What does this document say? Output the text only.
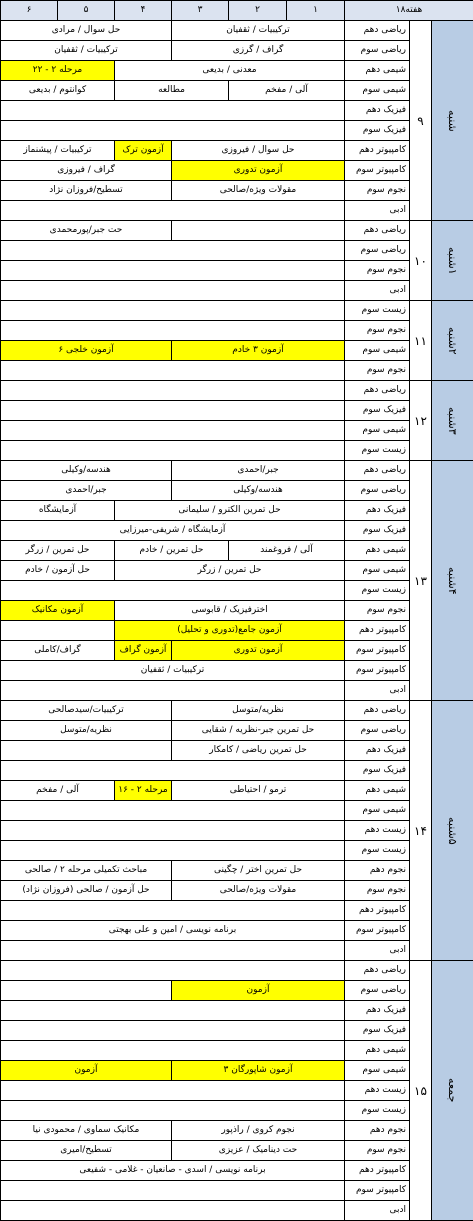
۶	۵	۴	۳	۲	۱	هفته۱۸		
حل سوال / مرادی			ترکیبیات / ثقفیان			ریاضی دهم	۹	شنبه
ترکیبیات / ثقفیان			گراف / گرزی			ریاضی سوم		
مرحله ۲ - ۲۲		معدنی / بدیعی				شیمی دهم		
کوانتوم / بدیعی		مطالعه		آلی / مفخم		شیمی سوم		
						فیزیک دهم		
						فیزیک سوم		
ترکیبیات / پیشنماز		آزمون ترک	حل سوال / فیروزی			کامپیوتر دهم		
گراف / فیروزی			آزمون تدوری			کامپیوتر سوم		
تسطیح/فروزان نژاد			مقولات ویژه/صالحی			نجوم سوم		
						ادبی		
حت جبر/پورمحمدی						ریاضی دهم	۱۰	۱شنبه
						ریاضی سوم		
						نجوم سوم		
						ادبی		
						زیست سوم	۱۱	۲شنبه
						نجوم سوم		
آزمون خلجی ۶			آزمون ۳ خادم			شیمی سوم		
						نجوم سوم		
						ریاضی دهم	۱۲	۳شنبه
						فیزیک سوم		
						شیمی سوم		
						زیست سوم		
هندسه/وکیلی			جبر/احمدی			ریاضی دهم	۱۳	۴شنبه
جبر/احمدی			هندسه/وکیلی			ریاضی سوم		
آزمایشگاه		حل تمرین الکترو / سلیمانی				فیزیک دهم		
آزمایشگاه / شریفی-میرزایی						فیزیک سوم		
حل تمرین / زرگر		حل تمرین / خادم		آلی / فروغمند		شیمی دهم		
حل آزمون / خادم		حل تمرین / زرگر				شیمی سوم		
						زیست سوم		
آزمون مکانیک		اخترفیزیک / قابوسی				نجوم سوم		
		آزمون جامع(تدوری و تحلیل)				کامپیوتر دهم		
گراف/کاملی		آزمون گراف	آزمون تدوری			کامپیوتر سوم		
ترکیبیات / ثقفیان						کامپیوتر سوم		
						ادبی		
ترکیبیات/سیدصالحی			نظریه/متوسل			ریاضی دهم	۱۴	۵شنبه
نظریه/متوسل			حل تمرین جبر-نظریه / شقایی			ریاضی سوم		
			حل تمرین ریاضی / کامکار			فیزیک دهم		
						فیزیک سوم		
آلی / مفخم		مرحله ۲ - ۱۶	ترمو / احتیاطی			شیمی دهم		
						شیمی سوم		
						زیست دهم		
						زیست سوم		
مباحث تکمیلی مرحله ۲ / صالحی			حل تمرین اختر / چگینی			نجوم دهم		
حل آزمون / صالحی (فروزان نژاد)			مقولات ویژه/صالحی			نجوم سوم		
						کامپیوتر دهم		
برنامه نویسی / امین و علی بهجتی						کامپیوتر سوم		
						ادبی		
						ریاضی دهم	۱۵	جمعه
			آزمون			ریاضی سوم		
						فیزیک دهم		
						فیزیک سوم		
						شیمی دهم		
آزمون			آزمون شاپورگان ۳			شیمی سوم		
						زیست دهم		
						زیست سوم		
مکانیک سماوی / محمودی نیا			نجوم کروی / راذپور			نجوم دهم		
تسطیح/امیری			حت دینامیک / عزیزی			نجوم سوم		
برنامه نویسی / اسدی - صانعیان - غلامی - شفیعی						کامپیوتر دهم		
						کامپیوتر سوم		
						ادبی		
